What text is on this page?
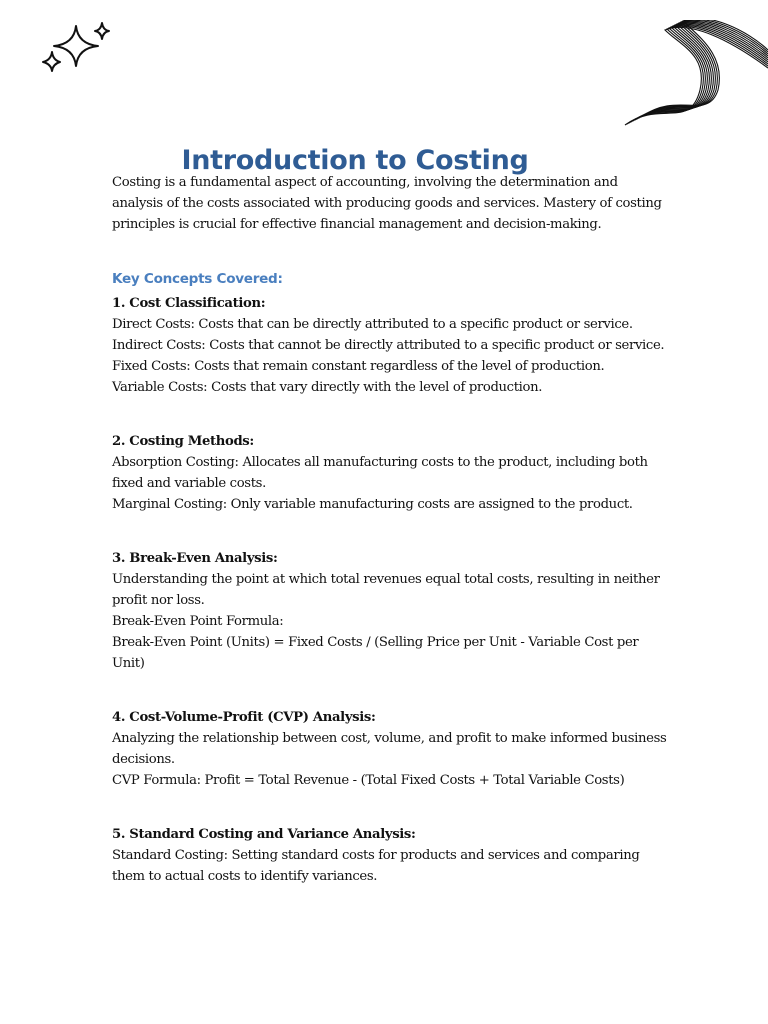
Introduction to Costing

Costing is a fundamental aspect of accounting, involving the determination and analysis of the costs associated with producing goods and services. Mastery of costing principles is crucial for effective financial management and decision-making.

Key Concepts Covered:

1. Cost Classification:

Direct Costs: Costs that can be directly attributed to a specific product or service.

Indirect Costs: Costs that cannot be directly attributed to a specific product or service.

Fixed Costs: Costs that remain constant regardless of the level of production.

Variable Costs: Costs that vary directly with the level of production.

2. Costing Methods:

Absorption Costing: Allocates all manufacturing costs to the product, including both fixed and variable costs.

Marginal Costing: Only variable manufacturing costs are assigned to the product.

3. Break-Even Analysis:

Understanding the point at which total revenues equal total costs, resulting in neither profit nor loss.

Break-Even Point Formula:

Break-Even Point (Units) = Fixed Costs / (Selling Price per Unit - Variable Cost per Unit)

4. Cost-Volume-Profit (CVP) Analysis:

Analyzing the relationship between cost, volume, and profit to make informed business decisions.

CVP Formula: Profit = Total Revenue - (Total Fixed Costs + Total Variable Costs)

5. Standard Costing and Variance Analysis:

Standard Costing: Setting standard costs for products and services and comparing them to actual costs to identify variances.
